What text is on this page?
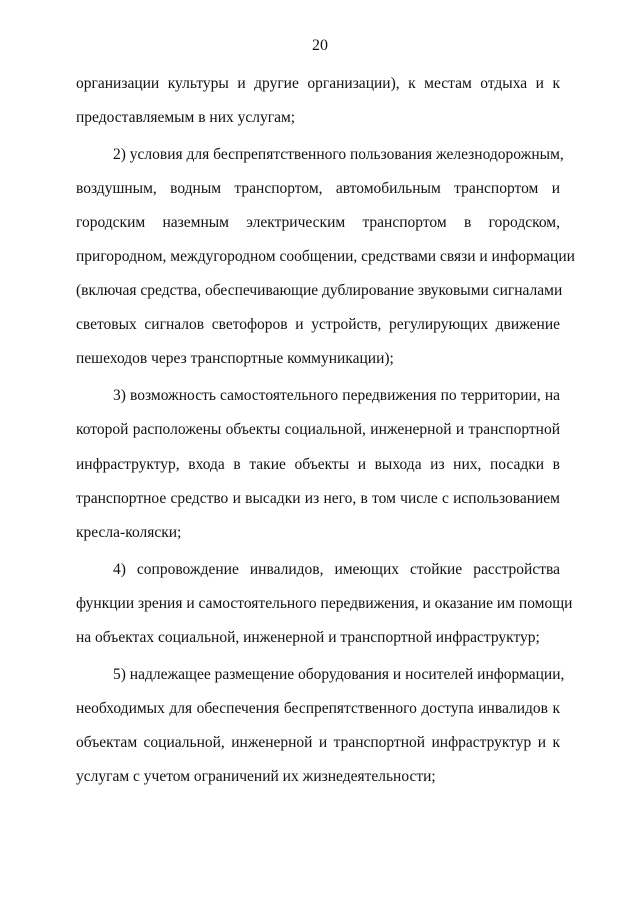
20
организации культуры и другие организации), к местам отдыха и к
предоставляемым в них услугам;
2) условия для беспрепятственного пользования железнодорожным,
воздушным, водным транспортом, автомобильным транспортом и
городским наземным электрическим транспортом в городском,
пригородном, междугородном сообщении, средствами связи и информации
(включая средства, обеспечивающие дублирование звуковыми сигналами
световых сигналов светофоров и устройств, регулирующих движение
пешеходов через транспортные коммуникации);
3) возможность самостоятельного передвижения по территории, на
которой расположены объекты социальной, инженерной и транспортной
инфраструктур, входа в такие объекты и выхода из них, посадки в
транспортное средство и высадки из него, в том числе с использованием
кресла-коляски;
4) сопровождение инвалидов, имеющих стойкие расстройства
функции зрения и самостоятельного передвижения, и оказание им помощи
на объектах социальной, инженерной и транспортной инфраструктур;
5) надлежащее размещение оборудования и носителей информации,
необходимых для обеспечения беспрепятственного доступа инвалидов к
объектам социальной, инженерной и транспортной инфраструктур и к
услугам с учетом ограничений их жизнедеятельности;
